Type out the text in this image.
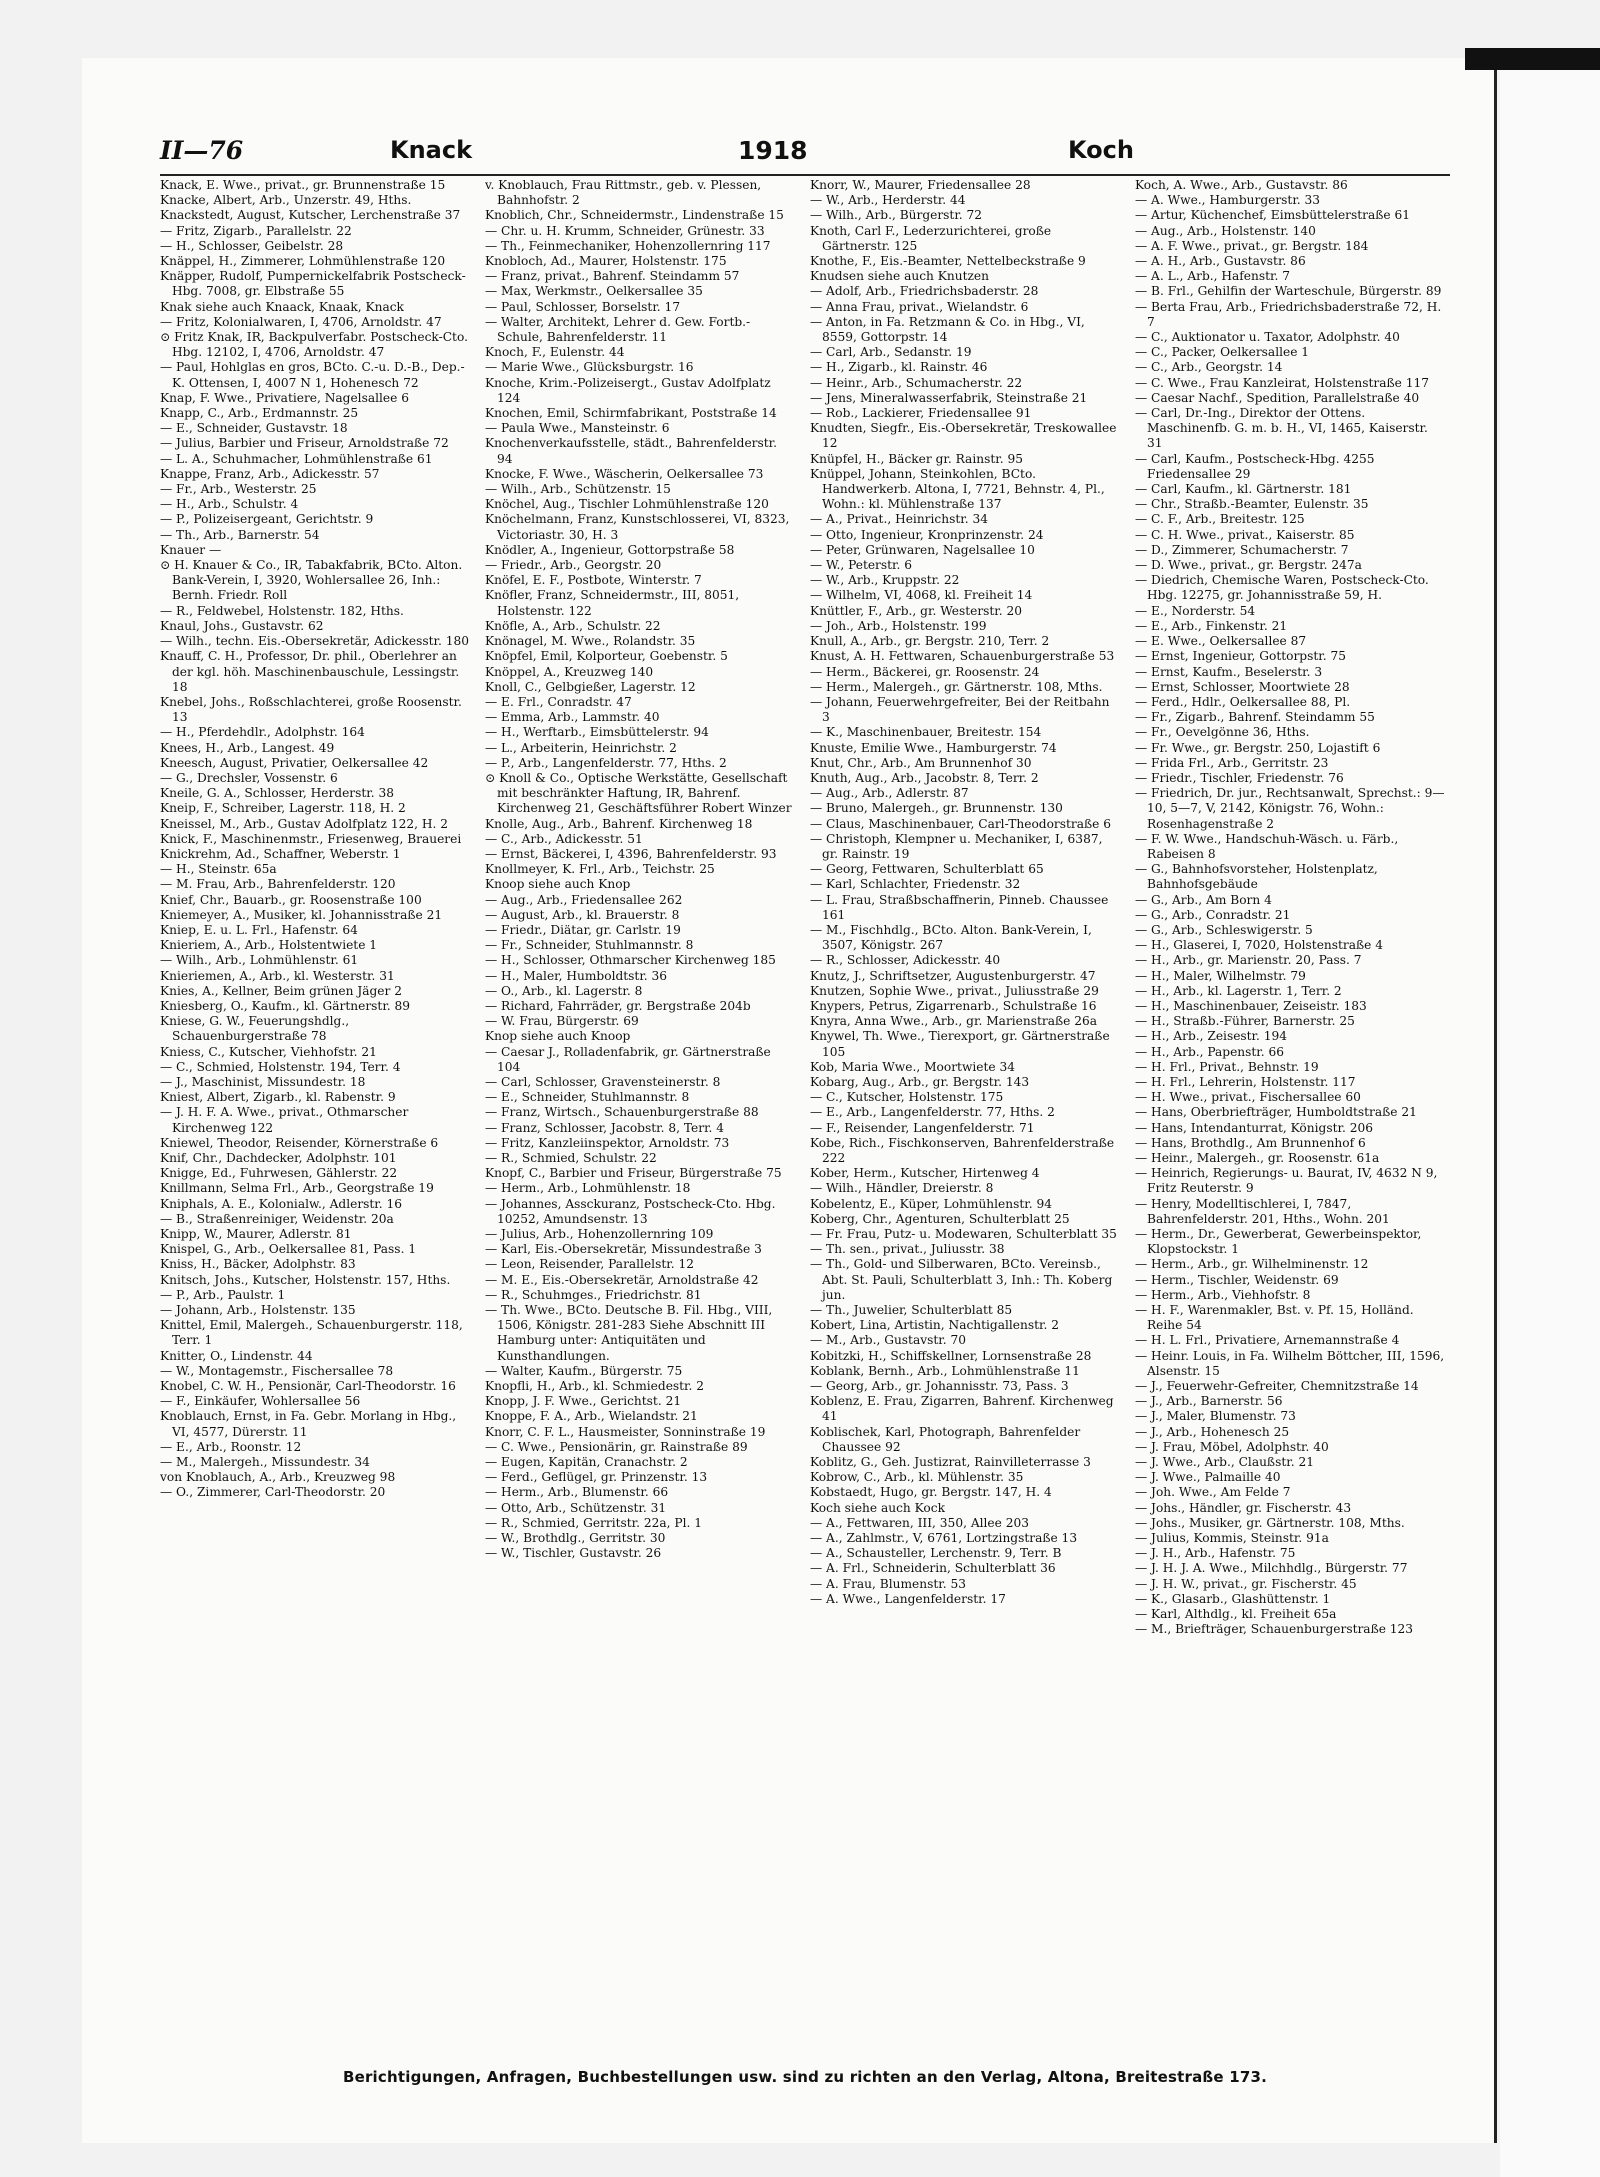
II—76	Knack	1918	Koch
Knack, E. Wwe., privat., gr. Brunnenstraße 15
Knacke, Albert, Arb., Unzerstr. 49, Hths.
Knackstedt, August, Kutscher, Lerchenstraße 37
— Fritz, Zigarb., Parallelstr. 22
— H., Schlosser, Geibelstr. 28
Knäppel, H., Zimmerer, Lohmühlenstraße 120
Knäpper, Rudolf, Pumpernickelfabrik Postscheck-Hbg. 7008, gr. Elbstraße 55
Knak siehe auch Knaack, Knaak, Knack
— Fritz, Kolonialwaren, I, 4706, Arnoldstr. 47
⊙ Fritz Knak, IR, Backpulverfabr. Postscheck-Cto. Hbg. 12102, I, 4706, Arnoldstr. 47
— Paul, Hohlglas en gros, BCto. C.-u. D.-B., Dep.-K. Ottensen, I, 4007 N 1, Hohenesch 72
Knap, F. Wwe., Privatiere, Nagelsallee 6
Knapp, C., Arb., Erdmannstr. 25
— E., Schneider, Gustavstr. 18
— Julius, Barbier und Friseur, Arnoldstraße 72
— L. A., Schuhmacher, Lohmühlenstraße 61
Knappe, Franz, Arb., Adickesstr. 57
— Fr., Arb., Westerstr. 25
— H., Arb., Schulstr. 4
— P., Polizeisergeant, Gerichtstr. 9
— Th., Arb., Barnerstr. 54
Knauer —
⊙ H. Knauer & Co., IR, Tabakfabrik, BCto. Alton. Bank-Verein, I, 3920, Wohlersallee 26, Inh.: Bernh. Friedr. Roll
— R., Feldwebel, Holstenstr. 182, Hths.
Knaul, Johs., Gustavstr. 62
— Wilh., techn. Eis.-Obersekretär, Adickesstr. 180
Knauff, C. H., Professor, Dr. phil., Oberlehrer an der kgl. höh. Maschinenbauschule, Lessingstr. 18
Knebel, Johs., Roßschlachterei, große Roosenstr. 13
— H., Pferdehdlr., Adolphstr. 164
Knees, H., Arb., Langest. 49
Kneesch, August, Privatier, Oelkersallee 42
— G., Drechsler, Vossenstr. 6
Kneile, G. A., Schlosser, Herderstr. 38
Kneip, F., Schreiber, Lagerstr. 118, H. 2
Kneissel, M., Arb., Gustav Adolfplatz 122, H. 2
Knick, F., Maschinenmstr., Friesenweg, Brauerei
Knickrehm, Ad., Schaffner, Weberstr. 1
— H., Steinstr. 65a
— M. Frau, Arb., Bahrenfelderstr. 120
Knief, Chr., Bauarb., gr. Roosenstraße 100
Kniemeyer, A., Musiker, kl. Johannisstraße 21
Kniep, E. u. L. Frl., Hafenstr. 64
Knieriem, A., Arb., Holstentwiete 1
— Wilh., Arb., Lohmühlenstr. 61
Knieriemen, A., Arb., kl. Westerstr. 31
Knies, A., Kellner, Beim grünen Jäger 2
Kniesberg, O., Kaufm., kl. Gärtnerstr. 89
Kniese, G. W., Feuerungshdlg., Schauenburgerstraße 78
Kniess, C., Kutscher, Viehhofstr. 21
— C., Schmied, Holstenstr. 194, Terr. 4
— J., Maschinist, Missundestr. 18
Kniest, Albert, Zigarb., kl. Rabenstr. 9
— J. H. F. A. Wwe., privat., Othmarscher Kirchenweg 122
Kniewel, Theodor, Reisender, Körnerstraße 6
Knif, Chr., Dachdecker, Adolphstr. 101
Knigge, Ed., Fuhrwesen, Gählerstr. 22
Knillmann, Selma Frl., Arb., Georgstraße 19
Kniphals, A. E., Kolonialw., Adlerstr. 16
— B., Straßenreiniger, Weidenstr. 20a
Knipp, W., Maurer, Adlerstr. 81
Knispel, G., Arb., Oelkersallee 81, Pass. 1
Kniss, H., Bäcker, Adolphstr. 83
Knitsch, Johs., Kutscher, Holstenstr. 157, Hths.
— P., Arb., Paulstr. 1
— Johann, Arb., Holstenstr. 135
Knittel, Emil, Malergeh., Schauenburgerstr. 118, Terr. 1
Knitter, O., Lindenstr. 44
— W., Montagemstr., Fischersallee 78
Knobel, C. W. H., Pensionär, Carl-Theodorstr. 16
— F., Einkäufer, Wohlersallee 56
Knoblauch, Ernst, in Fa. Gebr. Morlang in Hbg., VI, 4577, Dürerstr. 11
— E., Arb., Roonstr. 12
— M., Malergeh., Missundestr. 34
von Knoblauch, A., Arb., Kreuzweg 98
— O., Zimmerer, Carl-Theodorstr. 20
v. Knoblauch, Frau Rittmstr., geb. v. Plessen, Bahnhofstr. 2
Knoblich, Chr., Schneidermstr., Lindenstraße 15
— Chr. u. H. Krumm, Schneider, Grünestr. 33
— Th., Feinmechaniker, Hohenzollernring 117
Knobloch, Ad., Maurer, Holstenstr. 175
— Franz, privat., Bahrenf. Steindamm 57
— Max, Werkmstr., Oelkersallee 35
— Paul, Schlosser, Borselstr. 17
— Walter, Architekt, Lehrer d. Gew. Fortb.-Schule, Bahrenfelderstr. 11
Knoch, F., Eulenstr. 44
— Marie Wwe., Glücksburgstr. 16
Knoche, Krim.-Polizeisergt., Gustav Adolfplatz 124
Knochen, Emil, Schirmfabrikant, Poststraße 14
— Paula Wwe., Mansteinstr. 6
Knochenverkaufsstelle, städt., Bahrenfelderstr. 94
Knocke, F. Wwe., Wäscherin, Oelkersallee 73
— Wilh., Arb., Schützenstr. 15
Knöchel, Aug., Tischler Lohmühlenstraße 120
Knöchelmann, Franz, Kunstschlosserei, VI, 8323, Victoriastr. 30, H. 3
Knödler, A., Ingenieur, Gottorpstraße 58
— Friedr., Arb., Georgstr. 20
Knöfel, E. F., Postbote, Winterstr. 7
Knöfler, Franz, Schneidermstr., III, 8051, Holstenstr. 122
Knöfle, A., Arb., Schulstr. 22
Knönagel, M. Wwe., Rolandstr. 35
Knöpfel, Emil, Kolporteur, Goebenstr. 5
Knöppel, A., Kreuzweg 140
Knoll, C., Gelbgießer, Lagerstr. 12
— E. Frl., Conradstr. 47
— Emma, Arb., Lammstr. 40
— H., Werftarb., Eimsbüttelerstr. 94
— L., Arbeiterin, Heinrichstr. 2
— P., Arb., Langenfelderstr. 77, Hths. 2
⊙ Knoll & Co., Optische Werkstätte, Gesellschaft mit beschränkter Haftung, IR, Bahrenf. Kirchenweg 21, Geschäftsführer Robert Winzer
Knolle, Aug., Arb., Bahrenf. Kirchenweg 18
— C., Arb., Adickesstr. 51
— Ernst, Bäckerei, I, 4396, Bahrenfelderstr. 93
Knollmeyer, K. Frl., Arb., Teichstr. 25
Knoop siehe auch Knop
— Aug., Arb., Friedensallee 262
— August, Arb., kl. Brauerstr. 8
— Friedr., Diätar, gr. Carlstr. 19
— Fr., Schneider, Stuhlmannstr. 8
— H., Schlosser, Othmarscher Kirchenweg 185
— H., Maler, Humboldtstr. 36
— O., Arb., kl. Lagerstr. 8
— Richard, Fahrräder, gr. Bergstraße 204b
— W. Frau, Bürgerstr. 69
Knop siehe auch Knoop
— Caesar J., Rolladenfabrik, gr. Gärtnerstraße 104
— Carl, Schlosser, Gravensteinerstr. 8
— E., Schneider, Stuhlmannstr. 8
— Franz, Wirtsch., Schauenburgerstraße 88
— Franz, Schlosser, Jacobstr. 8, Terr. 4
— Fritz, Kanzleiinspektor, Arnoldstr. 73
— R., Schmied, Schulstr. 22
Knopf, C., Barbier und Friseur, Bürgerstraße 75
— Herm., Arb., Lohmühlenstr. 18
— Johannes, Assckuranz, Postscheck-Cto. Hbg. 10252, Amundsenstr. 13
— Julius, Arb., Hohenzollernring 109
— Karl, Eis.-Obersekretär, Missundestraße 3
— Leon, Reisender, Parallelstr. 12
— M. E., Eis.-Obersekretär, Arnoldstraße 42
— R., Schuhmges., Friedrichstr. 81
— Th. Wwe., BCto. Deutsche B. Fil. Hbg., VIII, 1506, Königstr. 281-283 Siehe Abschnitt III Hamburg unter: Antiquitäten und Kunsthandlungen.
— Walter, Kaufm., Bürgerstr. 75
Knopfli, H., Arb., kl. Schmiedestr. 2
Knopp, J. F. Wwe., Gerichtst. 21
Knoppe, F. A., Arb., Wielandstr. 21
Knorr, C. F. L., Hausmeister, Sonninstraße 19
— C. Wwe., Pensionärin, gr. Rainstraße 89
— Eugen, Kapitän, Cranachstr. 2
— Ferd., Geflügel, gr. Prinzenstr. 13
— Herm., Arb., Blumenstr. 66
— Otto, Arb., Schützenstr. 31
— R., Schmied, Gerritstr. 22a, Pl. 1
— W., Brothdlg., Gerritstr. 30
— W., Tischler, Gustavstr. 26
Knorr, W., Maurer, Friedensallee 28
— W., Arb., Herderstr. 44
— Wilh., Arb., Bürgerstr. 72
Knoth, Carl F., Lederzurichterei, große Gärtnerstr. 125
Knothe, F., Eis.-Beamter, Nettelbeckstraße 9
Knudsen siehe auch Knutzen
— Adolf, Arb., Friedrichsbaderstr. 28
— Anna Frau, privat., Wielandstr. 6
— Anton, in Fa. Retzmann & Co. in Hbg., VI, 8559, Gottorpstr. 14
— Carl, Arb., Sedanstr. 19
— H., Zigarb., kl. Rainstr. 46
— Heinr., Arb., Schumacherstr. 22
— Jens, Mineralwasserfabrik, Steinstraße 21
— Rob., Lackierer, Friedensallee 91
Knudten, Siegfr., Eis.-Obersekretär, Treskowallee 12
Knüpfel, H., Bäcker gr. Rainstr. 95
Knüppel, Johann, Steinkohlen, BCto. Handwerkerb. Altona, I, 7721, Behnstr. 4, Pl., Wohn.: kl. Mühlenstraße 137
— A., Privat., Heinrichstr. 34
— Otto, Ingenieur, Kronprinzenstr. 24
— Peter, Grünwaren, Nagelsallee 10
— W., Peterstr. 6
— W., Arb., Kruppstr. 22
— Wilhelm, VI, 4068, kl. Freiheit 14
Knüttler, F., Arb., gr. Westerstr. 20
— Joh., Arb., Holstenstr. 199
Knull, A., Arb., gr. Bergstr. 210, Terr. 2
Knust, A. H. Fettwaren, Schauenburgerstraße 53
— Herm., Bäckerei, gr. Roosenstr. 24
— Herm., Malergeh., gr. Gärtnerstr. 108, Mths.
— Johann, Feuerwehrgefreiter, Bei der Reitbahn 3
— K., Maschinenbauer, Breitestr. 154
Knuste, Emilie Wwe., Hamburgerstr. 74
Knut, Chr., Arb., Am Brunnenhof 30
Knuth, Aug., Arb., Jacobstr. 8, Terr. 2
— Aug., Arb., Adlerstr. 87
— Bruno, Malergeh., gr. Brunnenstr. 130
— Claus, Maschinenbauer, Carl-Theodorstraße 6
— Christoph, Klempner u. Mechaniker, I, 6387, gr. Rainstr. 19
— Georg, Fettwaren, Schulterblatt 65
— Karl, Schlachter, Friedenstr. 32
— L. Frau, Straßbschaffnerin, Pinneb. Chaussee 161
— M., Fischhdlg., BCto. Alton. Bank-Verein, I, 3507, Königstr. 267
— R., Schlosser, Adickesstr. 40
Knutz, J., Schriftsetzer, Augustenburgerstr. 47
Knutzen, Sophie Wwe., privat., Juliusstraße 29
Knypers, Petrus, Zigarrenarb., Schulstraße 16
Knyra, Anna Wwe., Arb., gr. Marienstraße 26a
Knywel, Th. Wwe., Tierexport, gr. Gärtnerstraße 105
Kob, Maria Wwe., Moortwiete 34
Kobarg, Aug., Arb., gr. Bergstr. 143
— C., Kutscher, Holstenstr. 175
— E., Arb., Langenfelderstr. 77, Hths. 2
— F., Reisender, Langenfelderstr. 71
Kobe, Rich., Fischkonserven, Bahrenfelderstraße 222
Kober, Herm., Kutscher, Hirtenweg 4
— Wilh., Händler, Dreierstr. 8
Kobelentz, E., Küper, Lohmühlenstr. 94
Koberg, Chr., Agenturen, Schulterblatt 25
— Fr. Frau, Putz- u. Modewaren, Schulterblatt 35
— Th. sen., privat., Juliusstr. 38
— Th., Gold- und Silberwaren, BCto. Vereinsb., Abt. St. Pauli, Schulterblatt 3, Inh.: Th. Koberg jun.
— Th., Juwelier, Schulterblatt 85
Kobert, Lina, Artistin, Nachtigallenstr. 2
— M., Arb., Gustavstr. 70
Kobitzki, H., Schiffskellner, Lornsenstraße 28
Koblank, Bernh., Arb., Lohmühlenstraße 11
— Georg, Arb., gr. Johannisstr. 73, Pass. 3
Koblenz, E. Frau, Zigarren, Bahrenf. Kirchenweg 41
Koblischek, Karl, Photograph, Bahrenfelder Chaussee 92
Koblitz, G., Geh. Justizrat, Rainvilleterrasse 3
Kobrow, C., Arb., kl. Mühlenstr. 35
Kobstaedt, Hugo, gr. Bergstr. 147, H. 4
Koch siehe auch Kock
— A., Fettwaren, III, 350, Allee 203
— A., Zahlmstr., V, 6761, Lortzingstraße 13
— A., Schausteller, Lerchenstr. 9, Terr. B
— A. Frl., Schneiderin, Schulterblatt 36
— A. Frau, Blumenstr. 53
— A. Wwe., Langenfelderstr. 17
Koch, A. Wwe., Arb., Gustavstr. 86
— A. Wwe., Hamburgerstr. 33
— Artur, Küchenchef, Eimsbüttelerstraße 61
— Aug., Arb., Holstenstr. 140
— A. F. Wwe., privat., gr. Bergstr. 184
— A. H., Arb., Gustavstr. 86
— A. L., Arb., Hafenstr. 7
— B. Frl., Gehilfin der Warteschule, Bürgerstr. 89
— Berta Frau, Arb., Friedrichsbaderstraße 72, H. 7
— C., Auktionator u. Taxator, Adolphstr. 40
— C., Packer, Oelkersallee 1
— C., Arb., Georgstr. 14
— C. Wwe., Frau Kanzleirat, Holstenstraße 117
— Caesar Nachf., Spedition, Parallelstraße 40
— Carl, Dr.-Ing., Direktor der Ottens. Maschinenfb. G. m. b. H., VI, 1465, Kaiserstr. 31
— Carl, Kaufm., Postscheck-Hbg. 4255 Friedensallee 29
— Carl, Kaufm., kl. Gärtnerstr. 181
— Chr., Straßb.-Beamter, Eulenstr. 35
— C. F., Arb., Breitestr. 125
— C. H. Wwe., privat., Kaiserstr. 85
— D., Zimmerer, Schumacherstr. 7
— D. Wwe., privat., gr. Bergstr. 247a
— Diedrich, Chemische Waren, Postscheck-Cto. Hbg. 12275, gr. Johannisstraße 59, H.
— E., Norderstr. 54
— E., Arb., Finkenstr. 21
— E. Wwe., Oelkersallee 87
— Ernst, Ingenieur, Gottorpstr. 75
— Ernst, Kaufm., Beselerstr. 3
— Ernst, Schlosser, Moortwiete 28
— Ferd., Hdlr., Oelkersallee 88, Pl.
— Fr., Zigarb., Bahrenf. Steindamm 55
— Fr., Oevelgönne 36, Hths.
— Fr. Wwe., gr. Bergstr. 250, Lojastift 6
— Frida Frl., Arb., Gerritstr. 23
— Friedr., Tischler, Friedenstr. 76
— Friedrich, Dr. jur., Rechtsanwalt, Sprechst.: 9—10, 5—7, V, 2142, Königstr. 76, Wohn.: Rosenhagenstraße 2
— F. W. Wwe., Handschuh-Wäsch. u. Färb., Rabeisen 8
— G., Bahnhofsvorsteher, Holstenplatz, Bahnhofsgebäude
— G., Arb., Am Born 4
— G., Arb., Conradstr. 21
— G., Arb., Schleswigerstr. 5
— H., Glaserei, I, 7020, Holstenstraße 4
— H., Arb., gr. Marienstr. 20, Pass. 7
— H., Maler, Wilhelmstr. 79
— H., Arb., kl. Lagerstr. 1, Terr. 2
— H., Maschinenbauer, Zeiseistr. 183
— H., Straßb.-Führer, Barnerstr. 25
— H., Arb., Zeisestr. 194
— H., Arb., Papenstr. 66
— H. Frl., Privat., Behnstr. 19
— H. Frl., Lehrerin, Holstenstr. 117
— H. Wwe., privat., Fischersallee 60
— Hans, Oberbriefträger, Humboldtstraße 21
— Hans, Intendanturrat, Königstr. 206
— Hans, Brothdlg., Am Brunnenhof 6
— Heinr., Malergeh., gr. Roosenstr. 61a
— Heinrich, Regierungs- u. Baurat, IV, 4632 N 9, Fritz Reuterstr. 9
— Henry, Modelltischlerei, I, 7847, Bahrenfelderstr. 201, Hths., Wohn. 201
— Herm., Dr., Gewerberat, Gewerbeinspektor, Klopstockstr. 1
— Herm., Arb., gr. Wilhelminenstr. 12
— Herm., Tischler, Weidenstr. 69
— Herm., Arb., Viehhofstr. 8
— H. F., Warenmakler, Bst. v. Pf. 15, Holländ. Reihe 54
— H. L. Frl., Privatiere, Arnemannstraße 4
— Heinr. Louis, in Fa. Wilhelm Böttcher, III, 1596, Alsenstr. 15
— J., Feuerwehr-Gefreiter, Chemnitzstraße 14
— J., Arb., Barnerstr. 56
— J., Maler, Blumenstr. 73
— J., Arb., Hohenesch 25
— J. Frau, Möbel, Adolphstr. 40
— J. Wwe., Arb., Claußstr. 21
— J. Wwe., Palmaille 40
— Joh. Wwe., Am Felde 7
— Johs., Händler, gr. Fischerstr. 43
— Johs., Musiker, gr. Gärtnerstr. 108, Mths.
— Julius, Kommis, Steinstr. 91a
— J. H., Arb., Hafenstr. 75
— J. H. J. A. Wwe., Milchhdlg., Bürgerstr. 77
— J. H. W., privat., gr. Fischerstr. 45
— K., Glasarb., Glashüttenstr. 1
— Karl, Althdlg., kl. Freiheit 65a
— M., Briefträger, Schauenburgerstraße 123
Berichtigungen, Anfragen, Buchbestellungen usw. sind zu richten an den Verlag, Altona, Breitestraße 173.
